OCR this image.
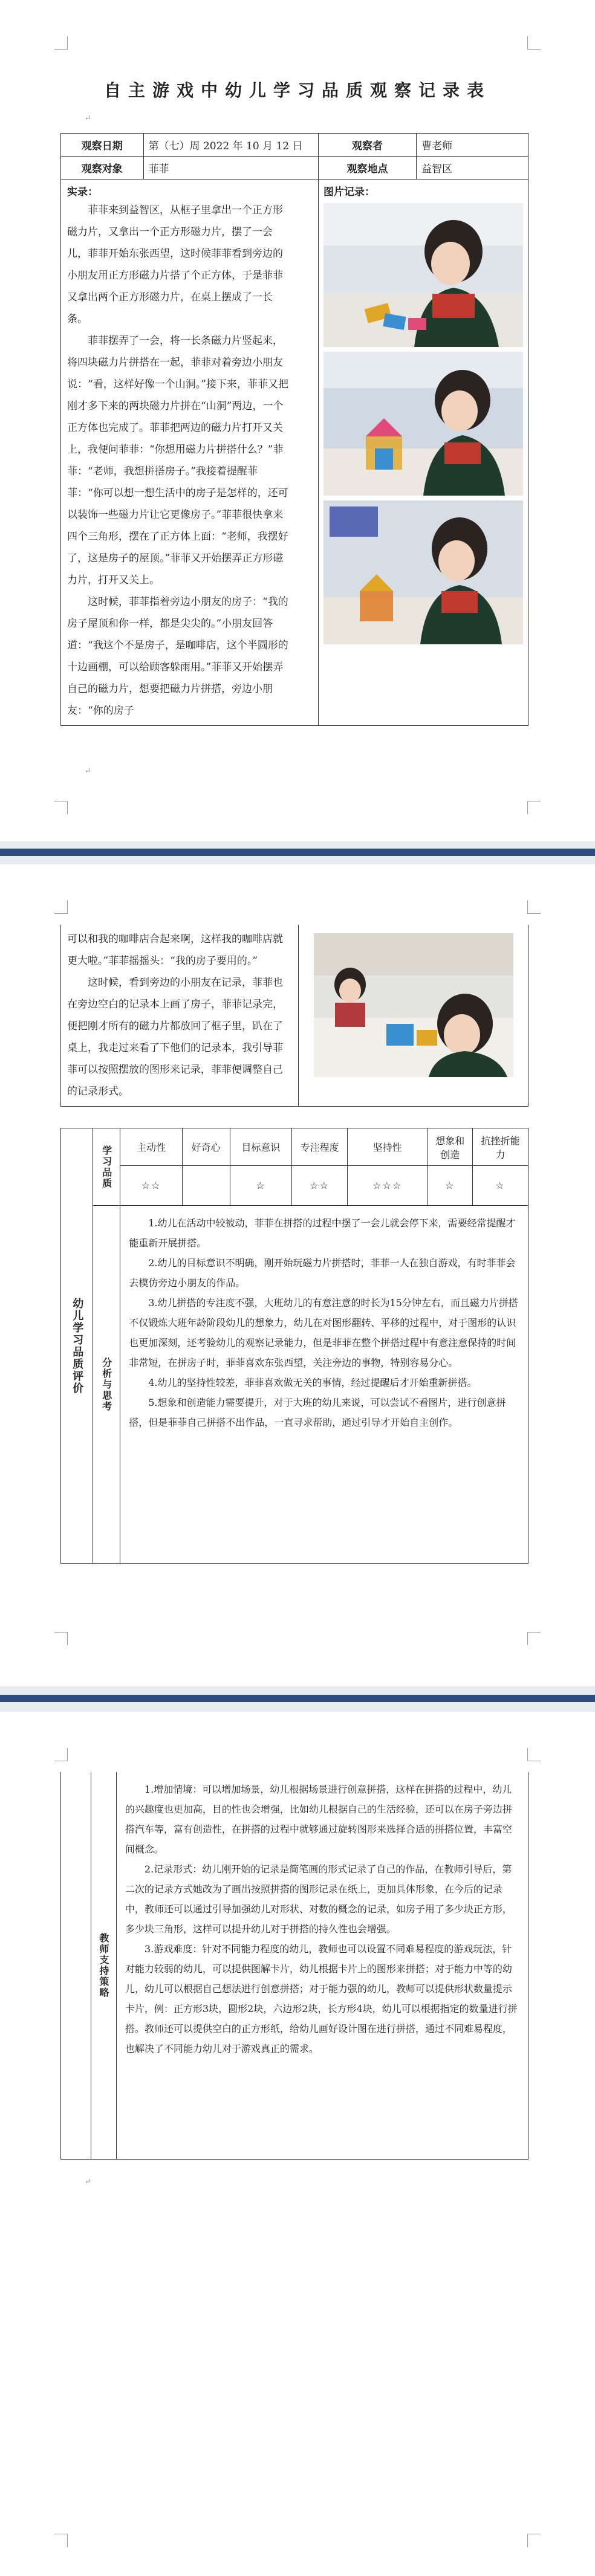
自主游戏中幼儿学习品质观察记录表
↵
观察日期	第（七）周 2022 年 10 月 12 日	观察者	曹老师
观察对象	菲菲	观察地点	益智区

实录：

菲菲来到益智区，从框子里拿出一个正方形磁力片，又拿出一个正方形磁力片，摆了一会儿，菲菲开始东张西望，这时候菲菲看到旁边的小朋友用正方形磁力片搭了个正方体，于是菲菲又拿出两个正方形磁力片，在桌上摆成了一长条。

菲菲摆弄了一会，将一长条磁力片竖起来，将四块磁力片拼搭在一起，菲菲对着旁边小朋友说：“看，这样好像一个山洞。”接下来，菲菲又把刚才多下来的两块磁力片拼在“山洞”两边，一个正方体也完成了。菲菲把两边的磁力片打开又关上，我便问菲菲：“你想用磁力片拼搭什么？”菲菲：“老师，我想拼搭房子。”我接着提醒菲菲：“你可以想一想生活中的房子是怎样的，还可以装饰一些磁力片让它更像房子。”菲菲很快拿来四个三角形，摆在了正方体上面：“老师，我摆好了，这是房子的屋顶。”菲菲又开始摆弄正方形磁力片，打开又关上。

这时候，菲菲指着旁边小朋友的房子：“我的房子屋顶和你一样，都是尖尖的。”小朋友回答道：“我这个不是房子，是咖啡店，这个半圆形的十边画棚，可以给顾客躲雨用。”菲菲又开始摆弄自己的磁力片，想要把磁力片拼搭，旁边小朋友：“你的房子		图片记录：	
↵

可以和我的咖啡店合起来啊，这样我的咖啡店就更大啦。”菲菲摇摇头：“我的房子要用的。”

这时候，看到旁边的小朋友在记录，菲菲也在旁边空白的记录本上画了房子，菲菲记录完，便把刚才所有的磁力片都放回了框子里，趴在了桌上，我走过来看了下他们的记录本，我引导菲菲可以按照摆放的图形来记录，菲菲便调整自己的记录形式。

幼儿学习品质评价	学习品质	主动性	好奇心	目标意识	专注程度	坚持性	想象和创造	抗挫折能力
		☆☆		☆	☆☆	☆☆☆	☆	☆

	分析与思考	1.幼儿在活动中较被动，菲菲在拼搭的过程中摆了一会儿就会停下来，需要经常提醒才能重新开展拼搭。

2.幼儿的目标意识不明确，刚开始玩磁力片拼搭时，菲菲一人在独自游戏，有时菲菲会去模仿旁边小朋友的作品。

3.幼儿拼搭的专注度不强，大班幼儿的有意注意的时长为15分钟左右，而且磁力片拼搭不仅锻炼大班年龄阶段幼儿的想象力，幼儿在对图形翻转、平移的过程中，对于图形的认识也更加深刻，还考验幼儿的观察记录能力，但是菲菲在整个拼搭过程中有意注意保持的时间非常短，在拼房子时，菲菲喜欢东张西望，关注旁边的事物，特别容易分心。

4.幼儿的坚持性较差，菲菲喜欢做无关的事情，经过提醒后才开始重新拼搭。

5.想象和创造能力需要提升，对于大班的幼儿来说，可以尝试不看图片，进行创意拼搭，但是菲菲自己拼搭不出作品，一直寻求帮助，通过引导才开始自主创作。						

教师支持策略

1.增加情境：可以增加场景，幼儿根据场景进行创意拼搭，这样在拼搭的过程中，幼儿的兴趣度也更加高，目的性也会增强，比如幼儿根据自己的生活经验，还可以在房子旁边拼搭汽车等，富有创造性，在拼搭的过程中就够通过旋转图形来选择合适的拼搭位置，丰富空间概念。

2.记录形式：幼儿刚开始的记录是简笔画的形式记录了自己的作品，在教师引导后，第二次的记录方式她改为了画出按照拼搭的图形记录在纸上，更加具体形象，在今后的记录中，教师还可以通过引导加强幼儿对形状、对数的概念的记录，如房子用了多少块正方形，多少块三角形，这样可以提升幼儿对于拼搭的持久性也会增强。

3.游戏难度：针对不同能力程度的幼儿，教师也可以设置不同难易程度的游戏玩法，针对能力较弱的幼儿，可以提供图解卡片，幼儿根据卡片上的图形来拼搭；对于能力中等的幼儿，幼儿可以根据自己想法进行创意拼搭；对于能力强的幼儿，教师可以提供形状数量提示卡片，例：正方形3块，圆形2块，六边形2块，长方形4块，幼儿可以根据指定的数量进行拼搭。教师还可以提供空白的正方形纸，给幼儿画好设计图在进行拼搭，通过不同难易程度，也解决了不同能力幼儿对于游戏真正的需求。

↵
